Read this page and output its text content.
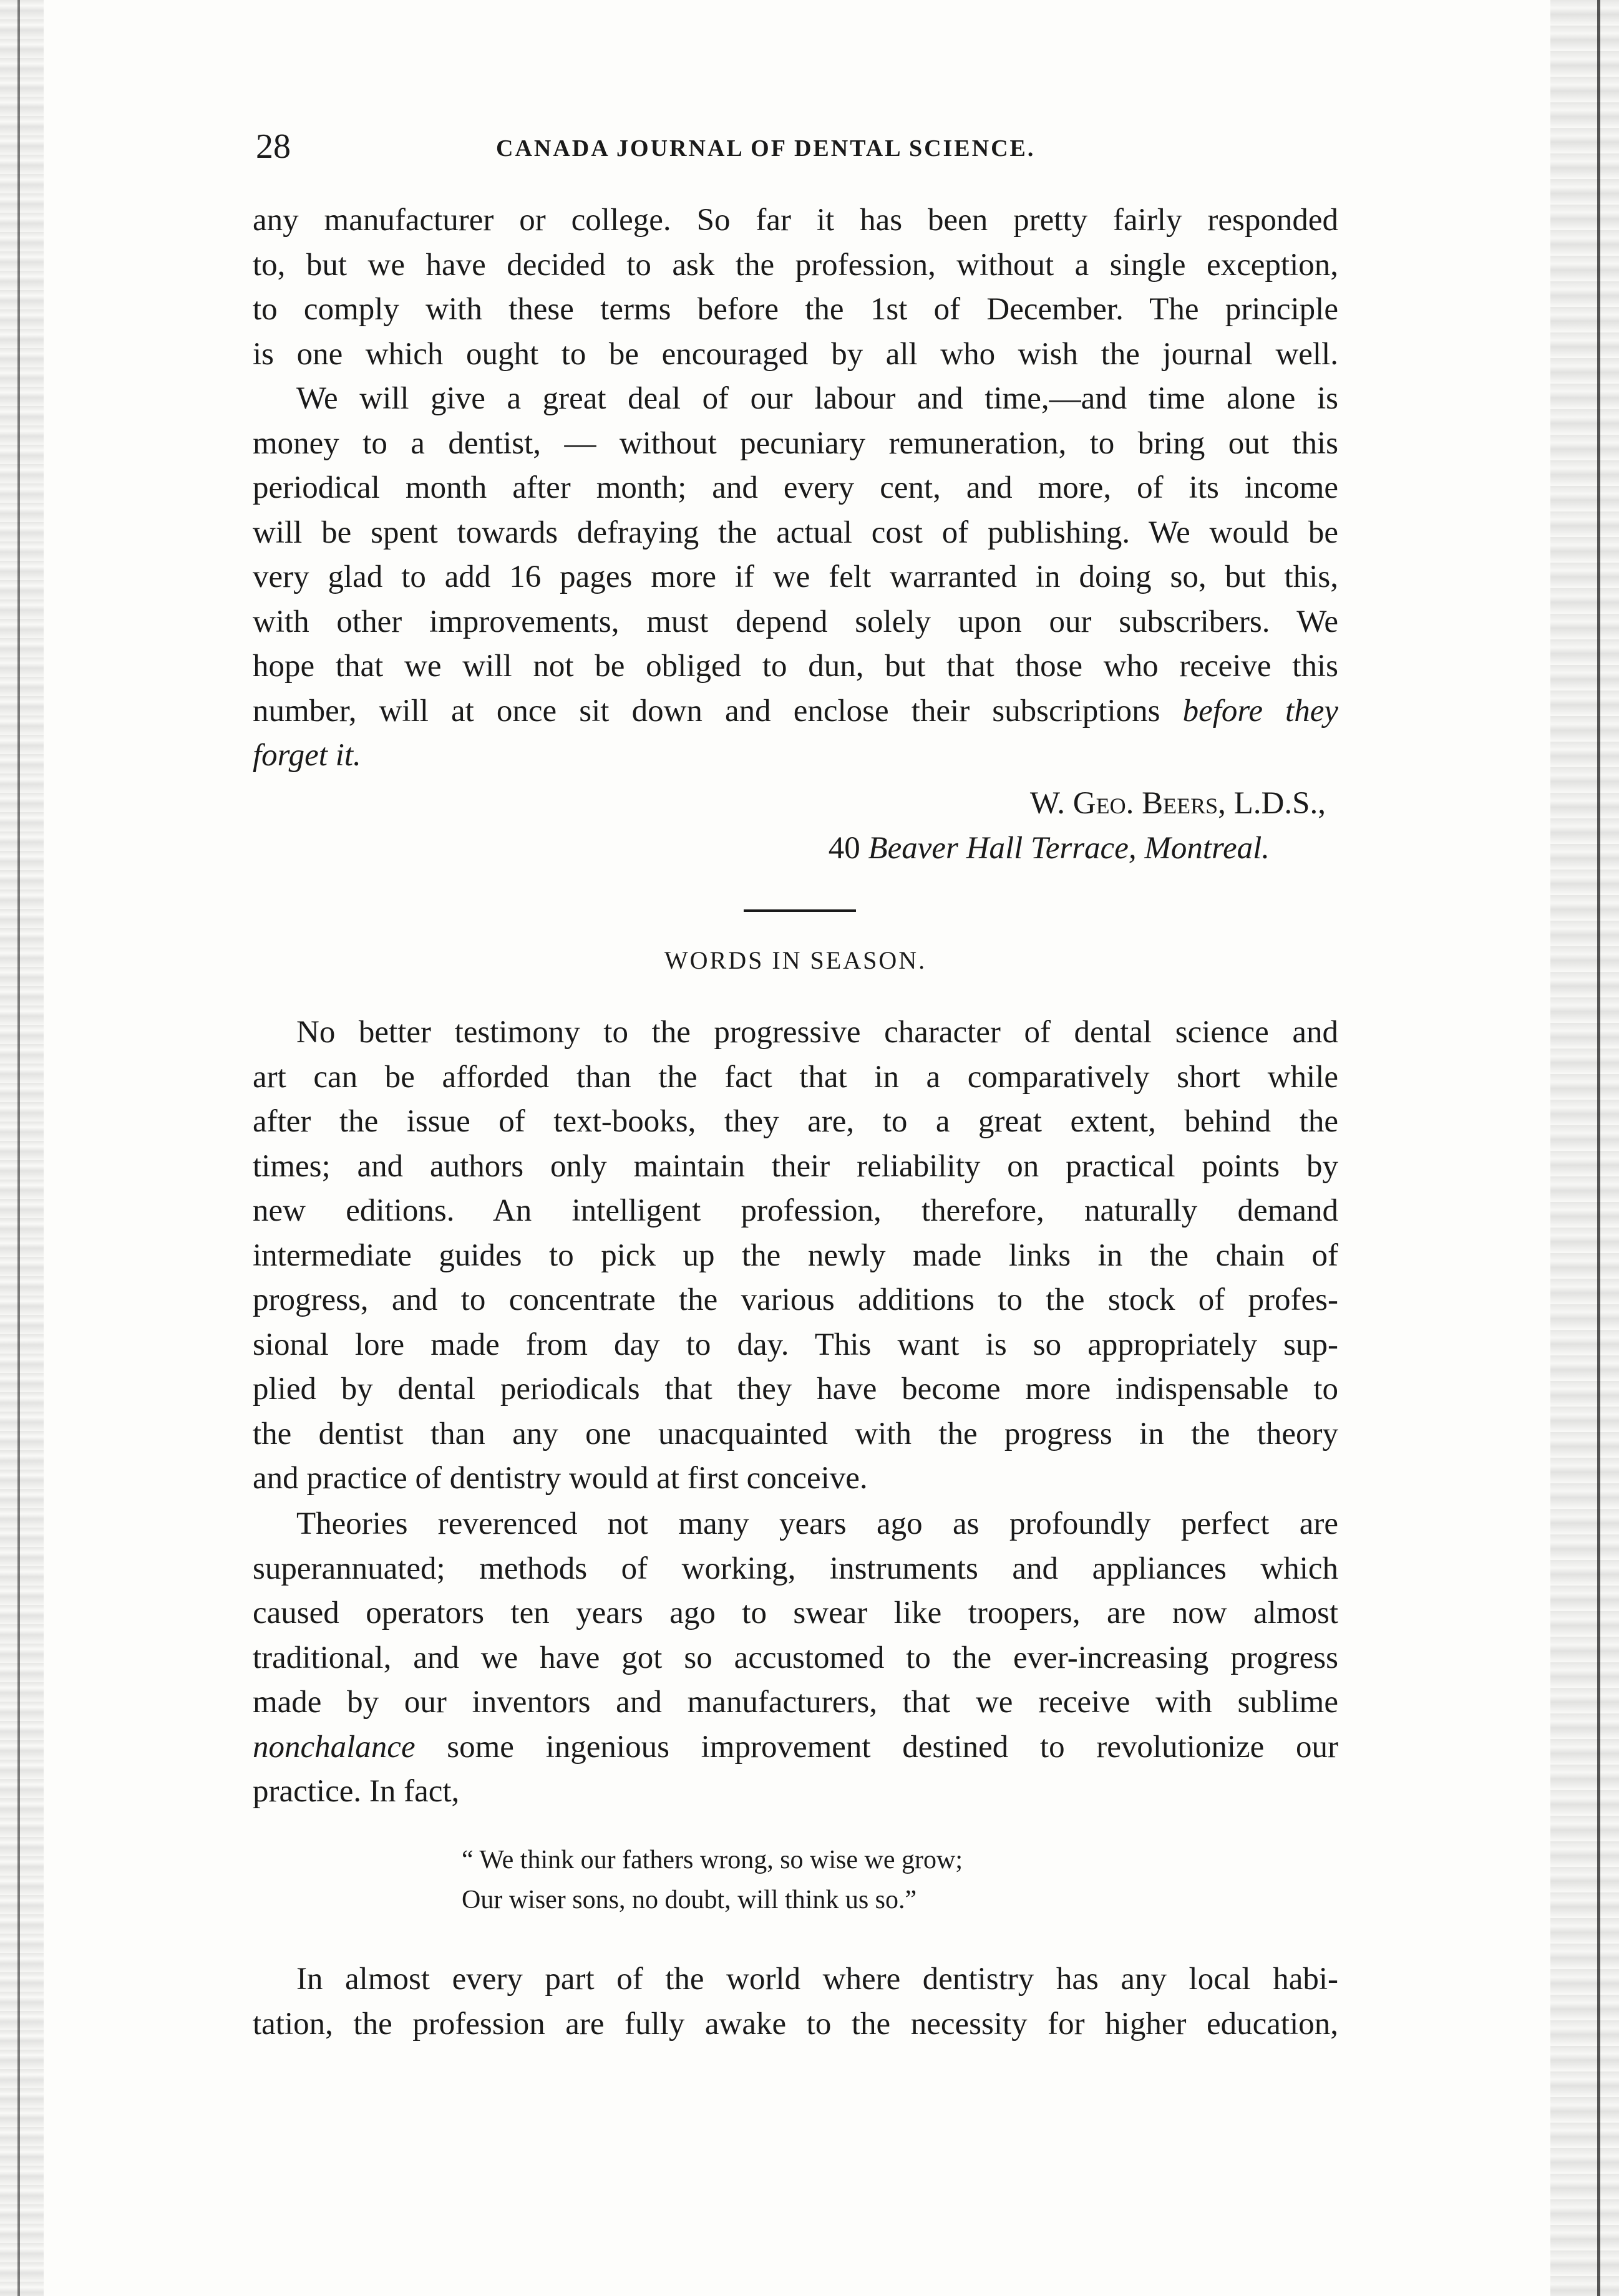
28	CANADA JOURNAL OF DENTAL SCIENCE.
any manufacturer or college. So far it has been pretty fairly responded
to, but we have decided to ask the profession, without a single exception,
to comply with these terms before the 1st of December. The principle
is one which ought to be encouraged by all who wish the journal well.
We will give a great deal of our labour and time,—and time alone is
money to a dentist, — without pecuniary remuneration, to bring out this
periodical month after month; and every cent, and more, of its income
will be spent towards defraying the actual cost of publishing. We would be
very glad to add 16 pages more if we felt warranted in doing so, but this,
with other improvements, must depend solely upon our subscribers. We
hope that we will not be obliged to dun, but that those who receive this
number, will at once sit down and enclose their subscriptions before they
forget it.
W. Geo. Beers, L.D.S.,
40 Beaver Hall Terrace, Montreal.
WORDS IN SEASON.
No better testimony to the progressive character of dental science and
art can be afforded than the fact that in a comparatively short while
after the issue of text-books, they are, to a great extent, behind the
times; and authors only maintain their reliability on practical points by
new editions. An intelligent profession, therefore, naturally demand
intermediate guides to pick up the newly made links in the chain of
progress, and to concentrate the various additions to the stock of profes-
sional lore made from day to day. This want is so appropriately sup-
plied by dental periodicals that they have become more indispensable to
the dentist than any one unacquainted with the progress in the theory
and practice of dentistry would at first conceive.
Theories reverenced not many years ago as profoundly perfect are
superannuated; methods of working, instruments and appliances which
caused operators ten years ago to swear like troopers, are now almost
traditional, and we have got so accustomed to the ever-increasing progress
made by our inventors and manufacturers, that we receive with sublime
nonchalance some ingenious improvement destined to revolutionize our
practice. In fact,
“ We think our fathers wrong, so wise we grow;
Our wiser sons, no doubt, will think us so.”
In almost every part of the world where dentistry has any local habi-
tation, the profession are fully awake to the necessity for higher education,
